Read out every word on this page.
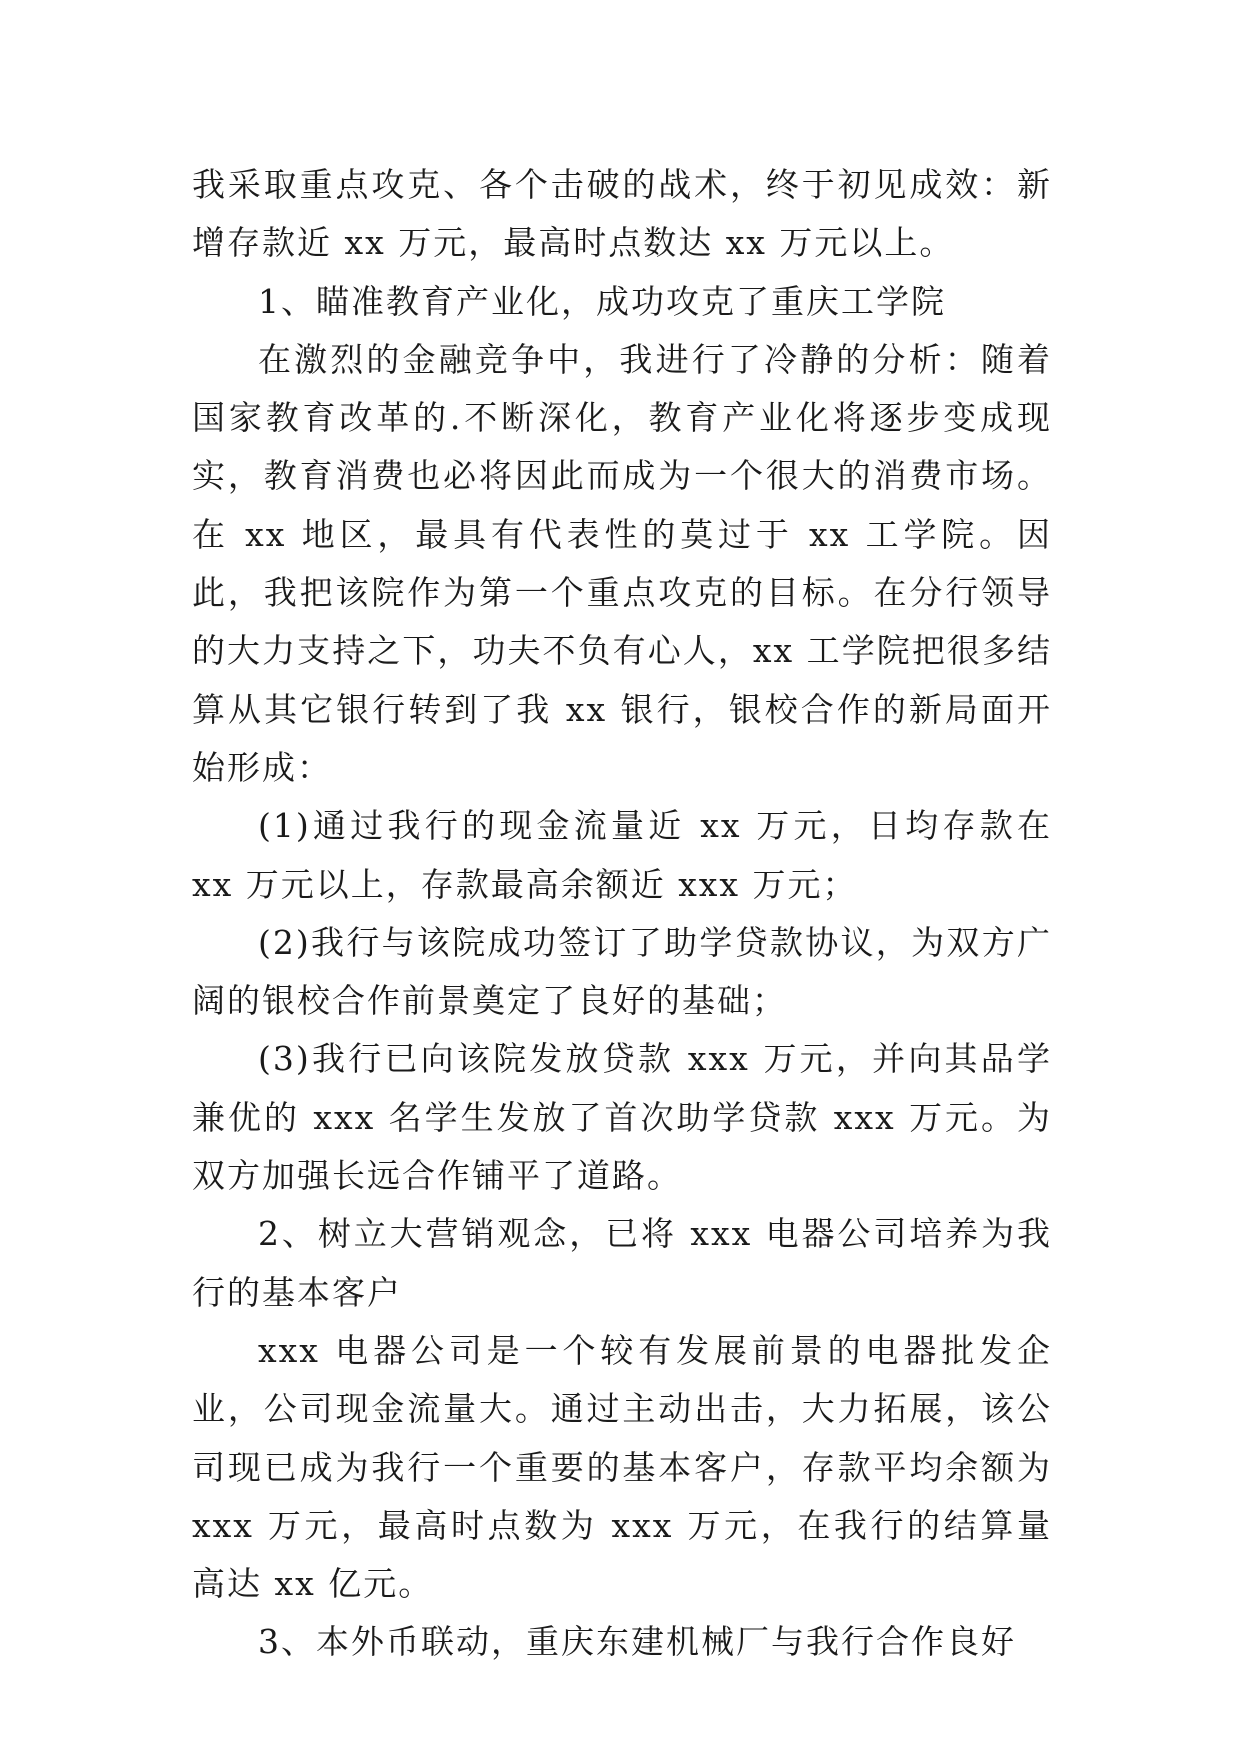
我采取重点攻克、各个击破的战术，终于初见成效：新增存款近 xx 万元，最高时点数达 xx 万元以上。

1、瞄准教育产业化，成功攻克了重庆工学院

在激烈的金融竞争中，我进行了冷静的分析：随着国家教育改革的.不断深化，教育产业化将逐步变成现实，教育消费也必将因此而成为一个很大的消费市场。在 xx 地区，最具有代表性的莫过于 xx 工学院。因此，我把该院作为第一个重点攻克的目标。在分行领导的大力支持之下，功夫不负有心人，xx 工学院把很多结算从其它银行转到了我 xx 银行，银校合作的新局面开始形成：

(1)通过我行的现金流量近 xx 万元，日均存款在 xx 万元以上，存款最高余额近 xxx 万元；

(2)我行与该院成功签订了助学贷款协议，为双方广阔的银校合作前景奠定了良好的基础；

(3)我行已向该院发放贷款 xxx 万元，并向其品学兼优的 xxx 名学生发放了首次助学贷款 xxx 万元。为双方加强长远合作铺平了道路。

2、树立大营销观念，已将 xxx 电器公司培养为我行的基本客户

xxx 电器公司是一个较有发展前景的电器批发企业，公司现金流量大。通过主动出击，大力拓展，该公司现已成为我行一个重要的基本客户，存款平均余额为 xxx 万元，最高时点数为 xxx 万元，在我行的结算量高达 xx 亿元。

3、本外币联动，重庆东建机械厂与我行合作良好
